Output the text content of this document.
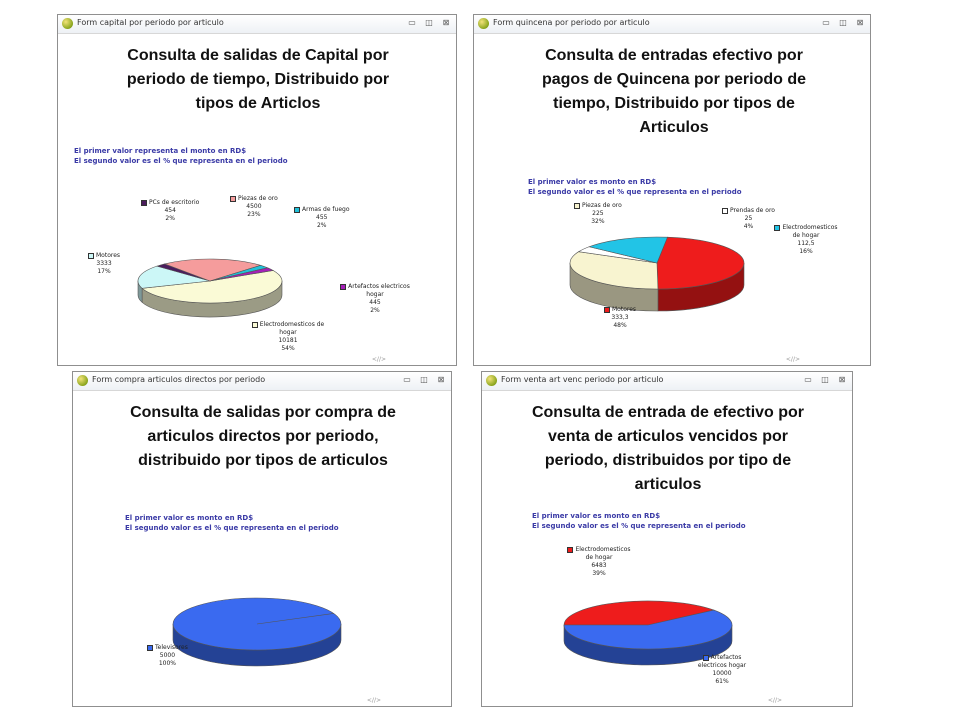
Form capital por periodo por articulo	▭ ◫ ⊠
Consulta de salidas de Capital por
periodo de tiempo, Distribuido por
tipos de Articlos
El primer valor representa el monto en RD$
El segundo valor es el % que representa en el periodo
PCs de escritorio
454
2%
Piezas de oro
4500
23%
Armas de fuego
455
2%
Motores
3333
17%
Artefactos electricos hogar
445
2%
Electrodomesticos de hogar
10181
54%
<//>
Form quincena por periodo por articulo	▭ ◫ ⊠
Consulta de entradas efectivo por
pagos de Quincena por periodo de
tiempo, Distribuido por tipos de
Articulos
El primer valor es monto en RD$
El segundo valor es el % que representa en el periodo
Piezas de oro
225
32%
Prendas de oro
25
4%	Electrodomesticos de hogar
112,5
16%
Motores
333,3
48%
<//>
Form compra articulos directos por periodo	▭ ◫ ⊠
Consulta de salidas por compra de
articulos directos por periodo,
distribuido por tipos de articulos
El primer valor es monto en RD$
El segundo valor es el % que representa en el periodo
Televisores
5000
100%
<//>
Form venta art venc periodo por articulo	▭ ◫ ⊠
Consulta de entrada de efectivo por
venta de articulos vencidos por
periodo, distribuidos por tipo de
articulos
El primer valor es monto en RD$
El segundo valor es el % que representa en el periodo
Electrodomesticos de hogar
6483
39%
Artefactos electricos hogar
10000
61%
<//>
